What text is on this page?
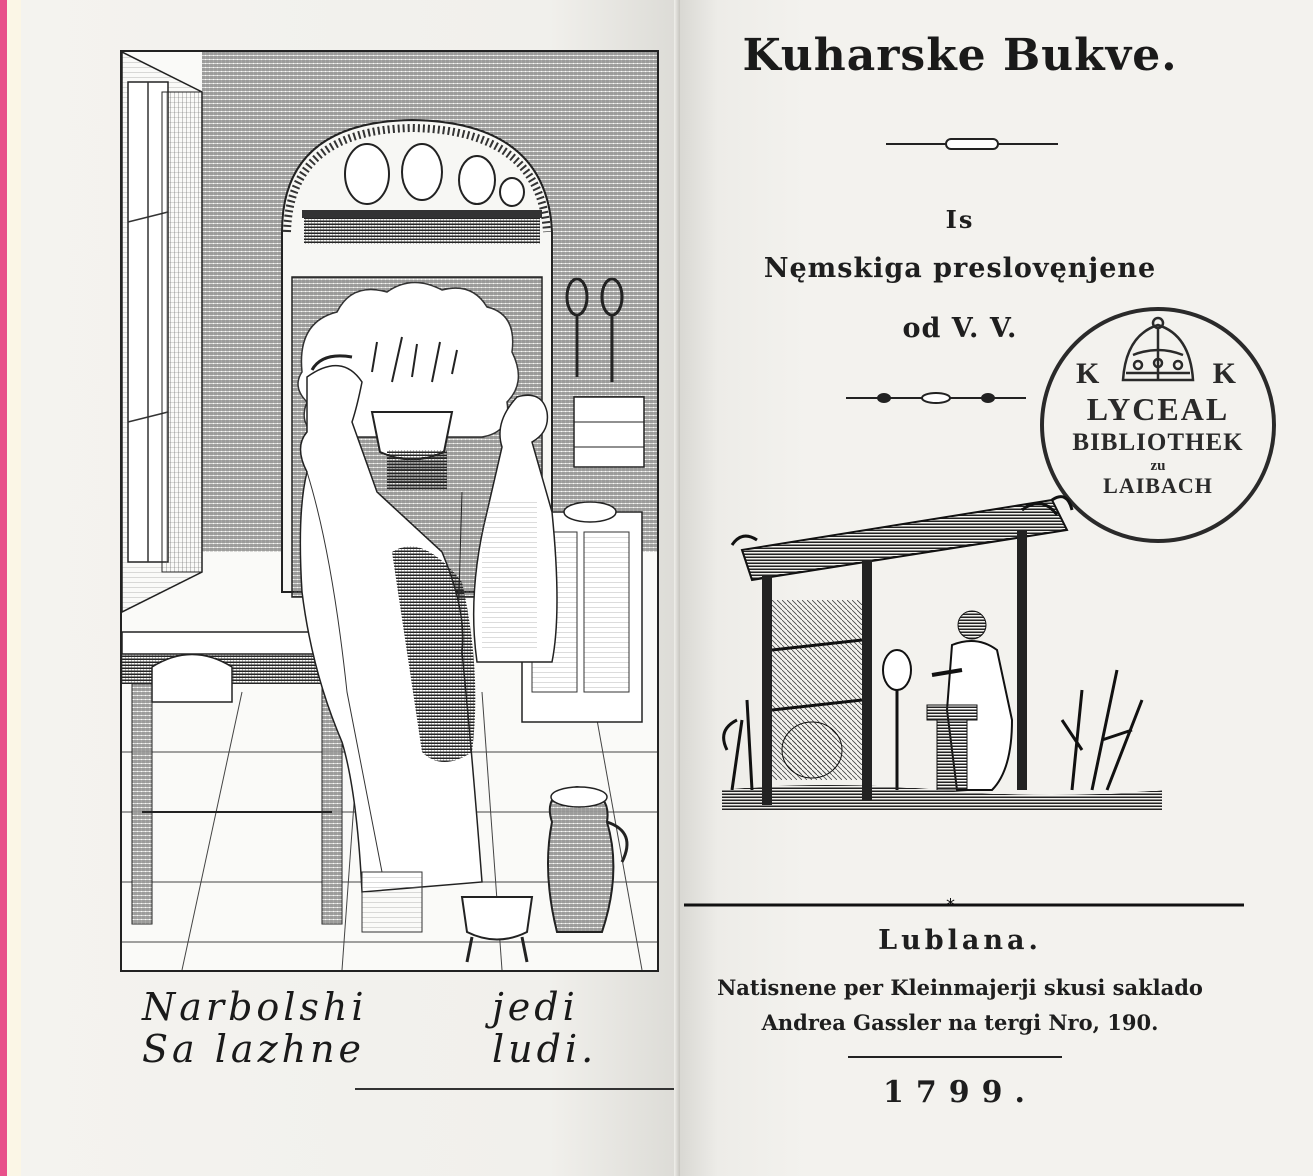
Narbolshi	jedi
Sa lazhne	ludi.
Kuharske Bukve.
Is
Nęmskiga preslovęnjene
od V. V.
K	K
LYCEAL
BIBLIOTHEK
zu
LAIBACH
*
Lublana.
Natisnene per Kleinmajerji skusi saklado
Andrea Gassler na tergi Nro, 190.
1799.
